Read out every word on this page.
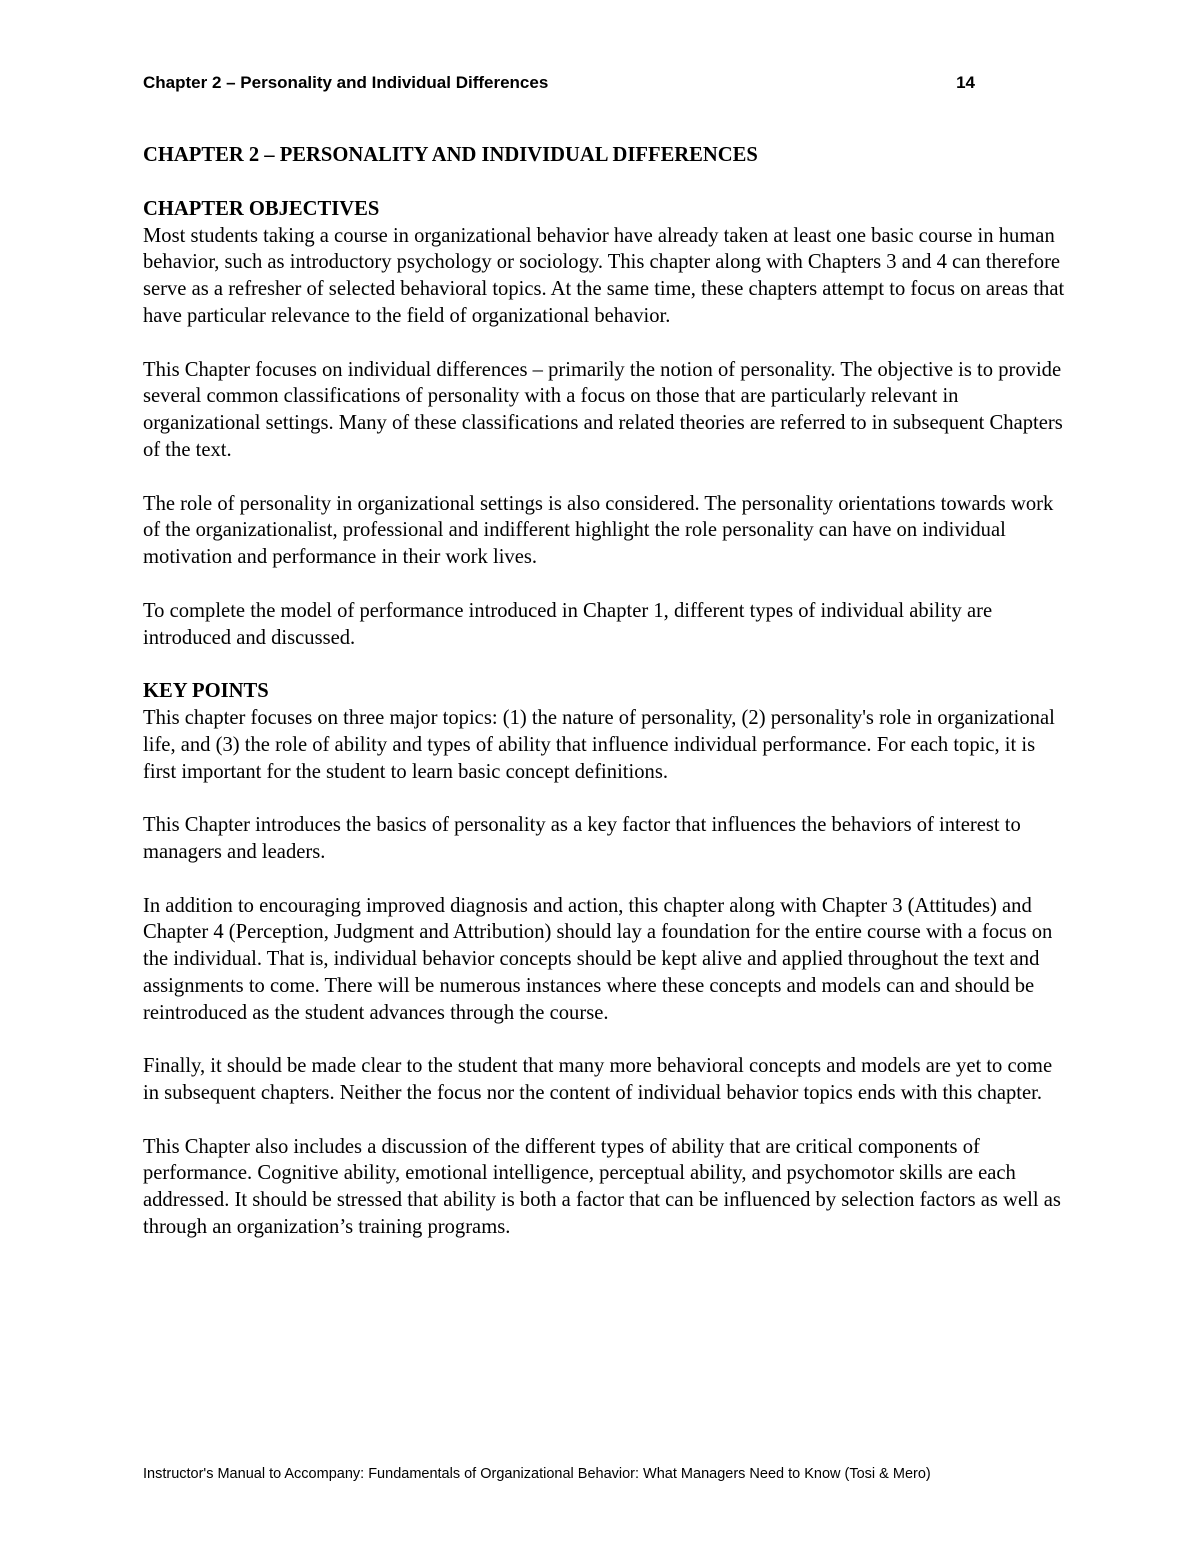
Chapter 2 – Personality and Individual Differences	14
CHAPTER 2 – PERSONALITY AND INDIVIDUAL DIFFERENCES
CHAPTER OBJECTIVES

Most students taking a course in organizational behavior have already taken at least one basic course in human behavior, such as introductory psychology or sociology. This chapter along with Chapters 3 and 4 can therefore serve as a refresher of selected behavioral topics. At the same time, these chapters attempt to focus on areas that have particular relevance to the field of organizational behavior.

This Chapter focuses on individual differences – primarily the notion of personality. The objective is to provide several common classifications of personality with a focus on those that are particularly relevant in organizational settings. Many of these classifications and related theories are referred to in subsequent Chapters of the text.

The role of personality in organizational settings is also considered. The personality orientations towards work of the organizationalist, professional and indifferent highlight the role personality can have on individual motivation and performance in their work lives.

To complete the model of performance introduced in Chapter 1, different types of individual ability are introduced and discussed.

KEY POINTS

This chapter focuses on three major topics: (1) the nature of personality, (2) personality's role in organizational life, and (3) the role of ability and types of ability that influence individual performance. For each topic, it is first important for the student to learn basic concept definitions.

This Chapter introduces the basics of personality as a key factor that influences the behaviors of interest to managers and leaders.

In addition to encouraging improved diagnosis and action, this chapter along with Chapter 3 (Attitudes) and Chapter 4 (Perception, Judgment and Attribution) should lay a foundation for the entire course with a focus on the individual. That is, individual behavior concepts should be kept alive and applied throughout the text and assignments to come. There will be numerous instances where these concepts and models can and should be reintroduced as the student advances through the course.

Finally, it should be made clear to the student that many more behavioral concepts and models are yet to come in subsequent chapters. Neither the focus nor the content of individual behavior topics ends with this chapter.

This Chapter also includes a discussion of the different types of ability that are critical components of performance. Cognitive ability, emotional intelligence, perceptual ability, and psychomotor skills are each addressed. It should be stressed that ability is both a factor that can be influenced by selection factors as well as through an organization’s training programs.

Instructor's Manual to Accompany: Fundamentals of Organizational Behavior: What Managers Need to Know (Tosi & Mero)
